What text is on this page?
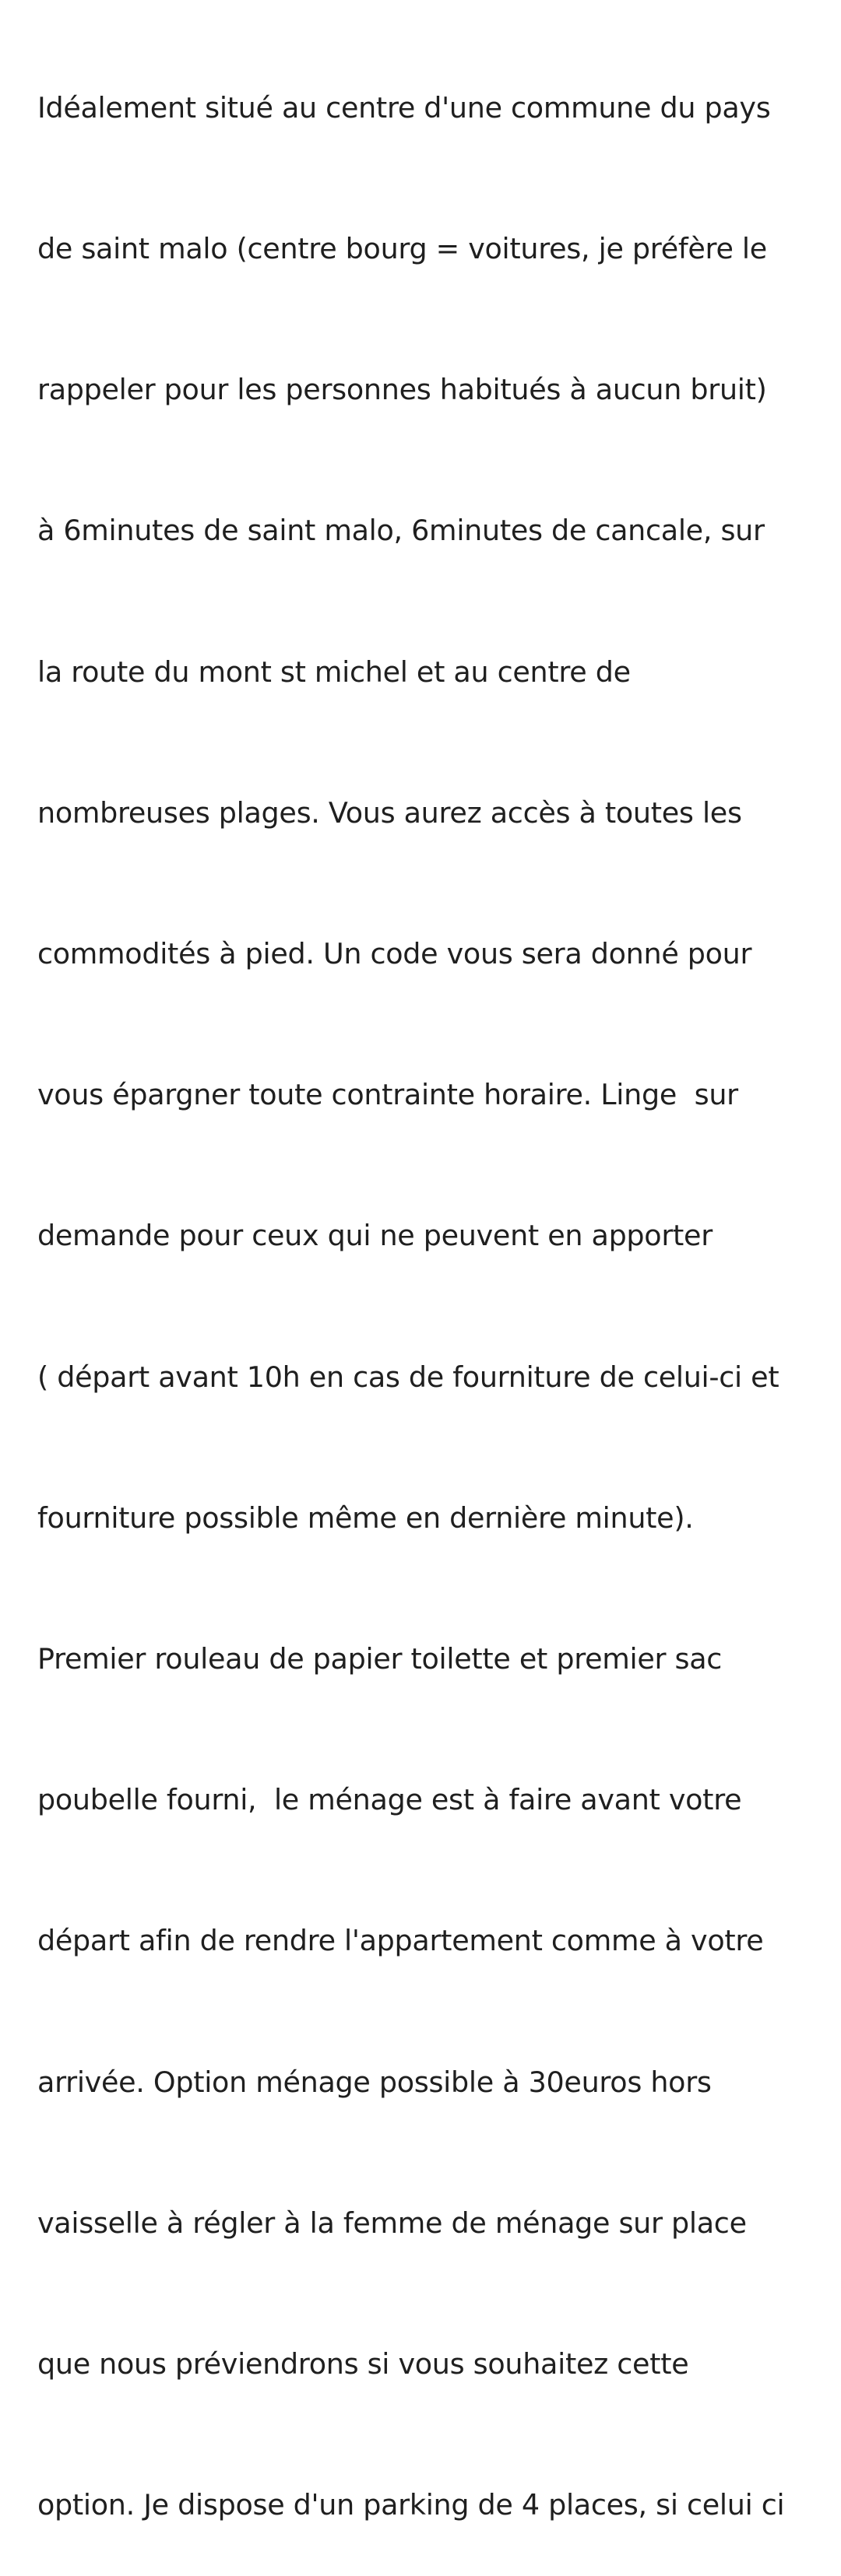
Idéalement situé au centre d'une commune du pays

de saint malo (centre bourg = voitures, je préfère le

rappeler pour les personnes habitués à aucun bruit)

à 6minutes de saint malo, 6minutes de cancale, sur

la route du mont st michel et au centre de

nombreuses plages. Vous aurez accès à toutes les

commodités à pied. Un code vous sera donné pour

vous épargner toute contrainte horaire. Linge  sur

demande pour ceux qui ne peuvent en apporter

( départ avant 10h en cas de fourniture de celui-ci et

fourniture possible même en dernière minute).

Premier rouleau de papier toilette et premier sac

poubelle fourni,  le ménage est à faire avant votre

départ afin de rendre l'appartement comme à votre

arrivée. Option ménage possible à 30euros hors

vaisselle à régler à la femme de ménage sur place

que nous préviendrons si vous souhaitez cette

option. Je dispose d'un parking de 4 places, si celui ci
